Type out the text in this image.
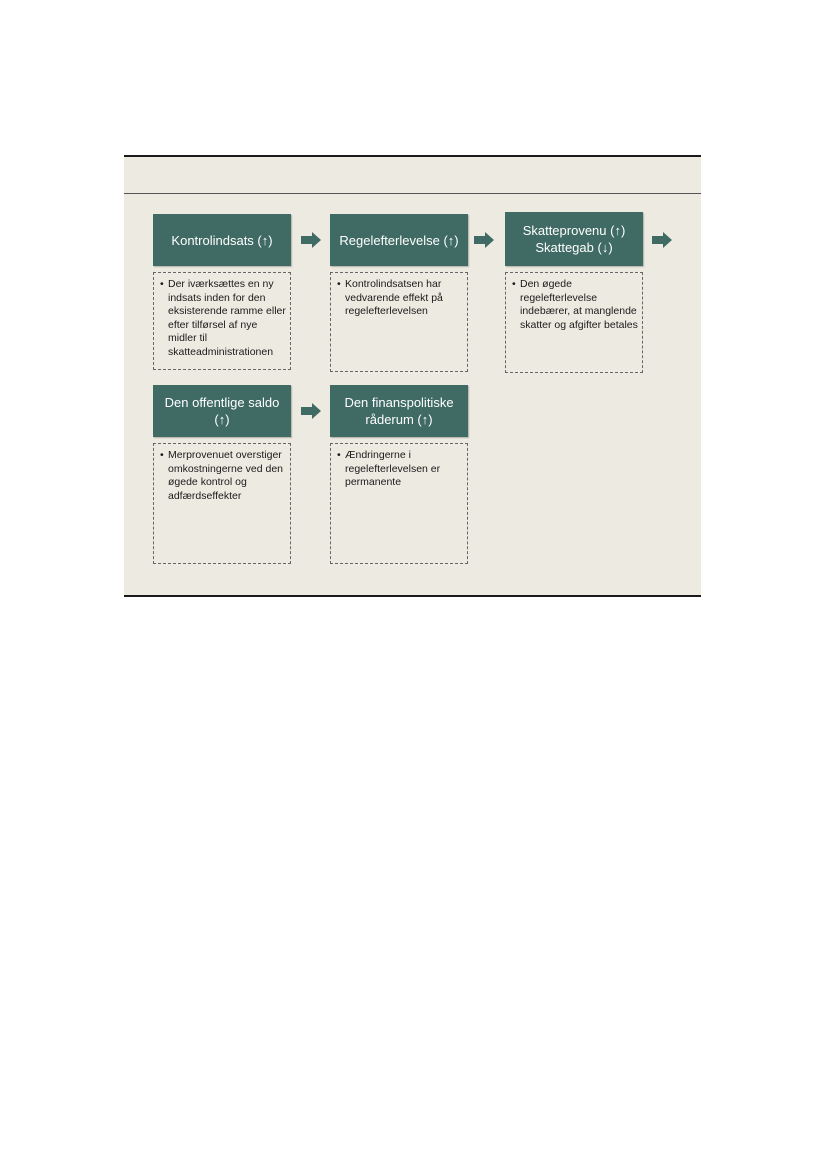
Kontrolindsats (↑)
• Der iværksættes en ny indsats inden for den eksisterende ramme eller efter tilførsel af nye midler til skatteadministrationen
Regelefterlevelse (↑)
• Kontrolindsatsen har vedvarende effekt på regelefterlevelsen
Skatteprovenu (↑)
Skattegab (↓)
• Den øgede regelefterlevelse indebærer, at manglende skatter og afgifter betales
Den offentlige saldo
(↑)
• Merprovenuet overstiger omkostningerne ved den øgede kontrol og adfærdseffekter
Den finanspolitiske
råderum (↑)
• Ændringerne i regelefterlevelsen er permanente
